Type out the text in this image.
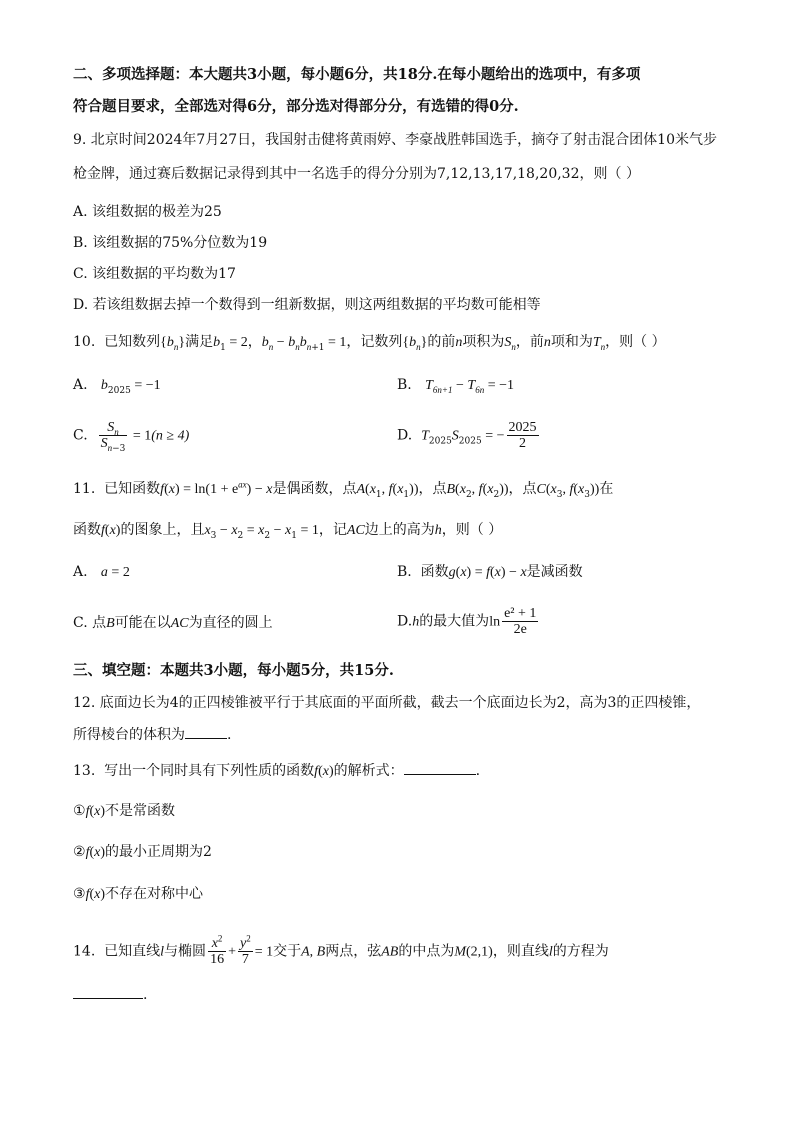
二、多项选择题：本大题共3小题，每小题6分，共18分.在每小题给出的选项中，有多项
符合题目要求，全部选对得6分，部分选对得部分分，有选错的得0分.
9. 北京时间2024年7月27日，我国射击健将黄雨婷、李豪战胜韩国选手，摘夺了射击混合团体10米气步
枪金牌，通过赛后数据记录得到其中一名选手的得分分别为7,12,13,17,18,20,32，则（ ）
A. 该组数据的极差为25
B. 该组数据的75%分位数为19
C. 该组数据的平均数为17
D. 若该组数据去掉一个数得到一组新数据，则这两组数据的平均数可能相等
10. 已知数列$\{b_n\}$满足$b_1 = 2$，$b_n - b_nb_{n+1} = 1$，记数列$\{b_n\}$的前n项积为$S_n$，前n项和为$T_n$，则（ ）
A. $b_{2025} = -1$	B. $T_{6n+1} - T_{6n} = -1$
C. $\frac{S_n}{S_{n-3}} = 1(n \ge 4)$	D. $T_{2025}S_{2025}$ = − $\frac{2025}{2}$
11. 已知函数$f(x) = \ln(1 + e^{ax}) - x$是偶函数，点$A(x_1$, $f(x_1)$)，点$B(x_2$, $f(x_2)$)，点$C(x_3$, $f(x_3)$)在
函数f(x)的图象上，且$x_3 - x_2 = x_2 - x_1 = 1$，记AC边上的高为h，则（ ）
A. a = 2	B. 函数g(x) = f(x) − x是减函数
C. 点B可能在以AC为直径的圆上	D.h的最大值为$\ln \frac{\text{e² + 1}}{2e}$
三、填空题：本题共3小题，每小题5分，共15分.
12. 底面边长为4的正四棱锥被平行于其底面的平面所截，截去一个底面边长为2，高为3的正四棱锥，
所得棱台的体积为	.
13. 写出一个同时具有下列性质的函数f(x)的解析式：	.
①f(x)不是常函数
②f(x)的最小正周期为2
③f(x)不存在对称中心
14. 已知直线l与椭圆 $\frac{x^2}{16} + \frac{y^2}{7} = 1$交于A, B两点，弦AB的中点为M(2,1)，则直线l的方程为
.
